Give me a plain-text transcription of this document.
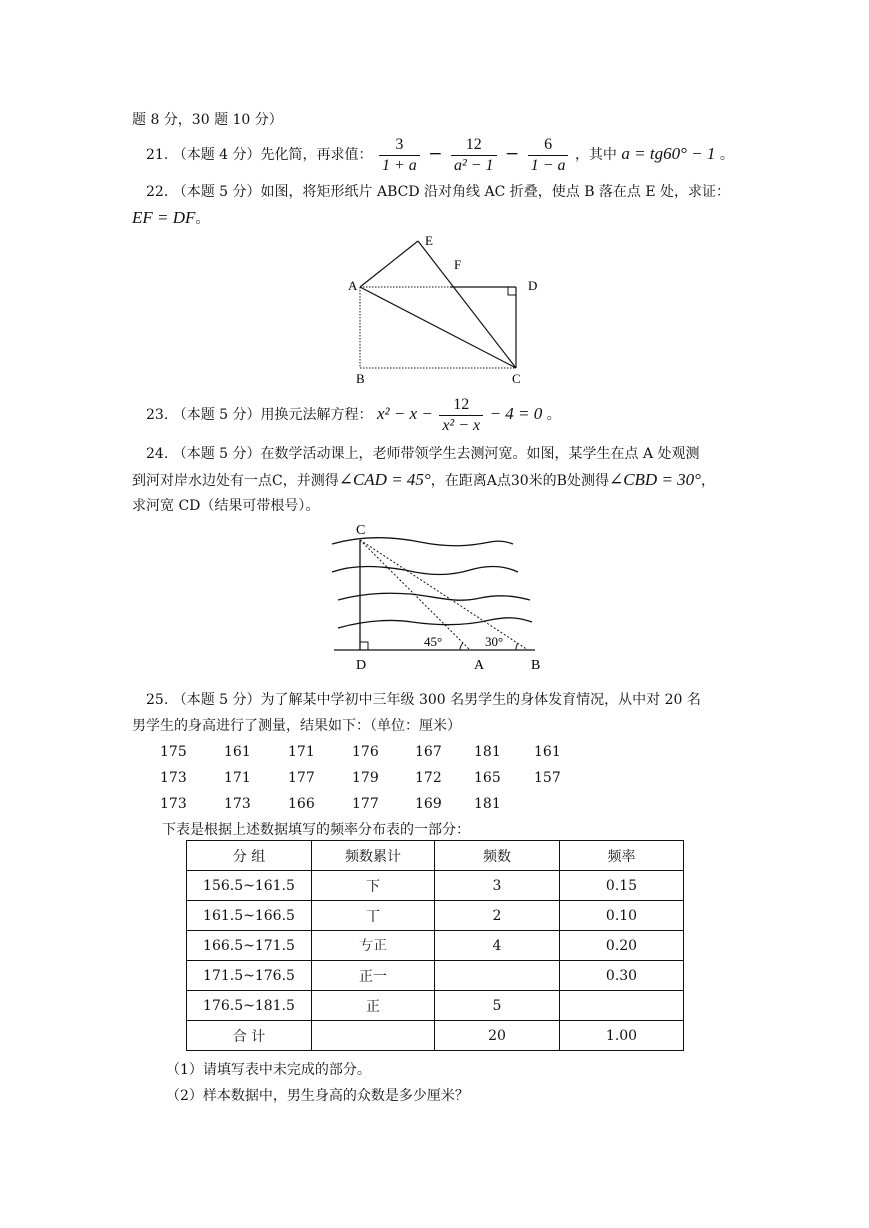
题 8 分，30 题 10 分）
21. （本题 4 分）先化简，再求值： $\frac{3}{1 + a} - \frac{12}{\text{a² − 1}} - \frac{6}{1 - a}$ ，其中 a = tg60° − 1 。
22. （本题 5 分）如图，将矩形纸片 ABCD 沿对角线 AC 折叠，使点 B 落在点 E 处，求证：
EF = DF。
E
F
A	D
B	C
23. （本题 5 分）用换元法解方程： $x^2 - x - \frac{12}{\text{x² − x}} - 4 = 0$ 。
24. （本题 5 分）在数学活动课上，老师带领学生去测河宽。如图，某学生在点 A 处观测
到河对岸水边处有一点C，并测得∠CAD = 45°，在距离A点30米的B处测得∠CBD = 30°，
求河宽 CD（结果可带根号）。
C
D	A	B
45°	30°
25. （本题 5 分）为了解某中学初中三年级 300 名男学生的身体发育情况，从中对 20 名
男学生的身高进行了测量，结果如下：（单位：厘米）
175	161	171	176	167 181 161
173	171	177	179	172 165 157
173	173	166	177	169 181
下表是根据上述数据填写的频率分布表的一部分：
分 组	频数累计	频数	频率
156.5~161.5	下	3	0.15
161.5~166.5	丅	2	0.10
166.5~171.5	𠀁正	4	0.20
171.5~176.5	正一		0.30
176.5~181.5	正	5	
合 计		20	1.00
（1）请填写表中未完成的部分。
（2）样本数据中，男生身高的众数是多少厘米？
